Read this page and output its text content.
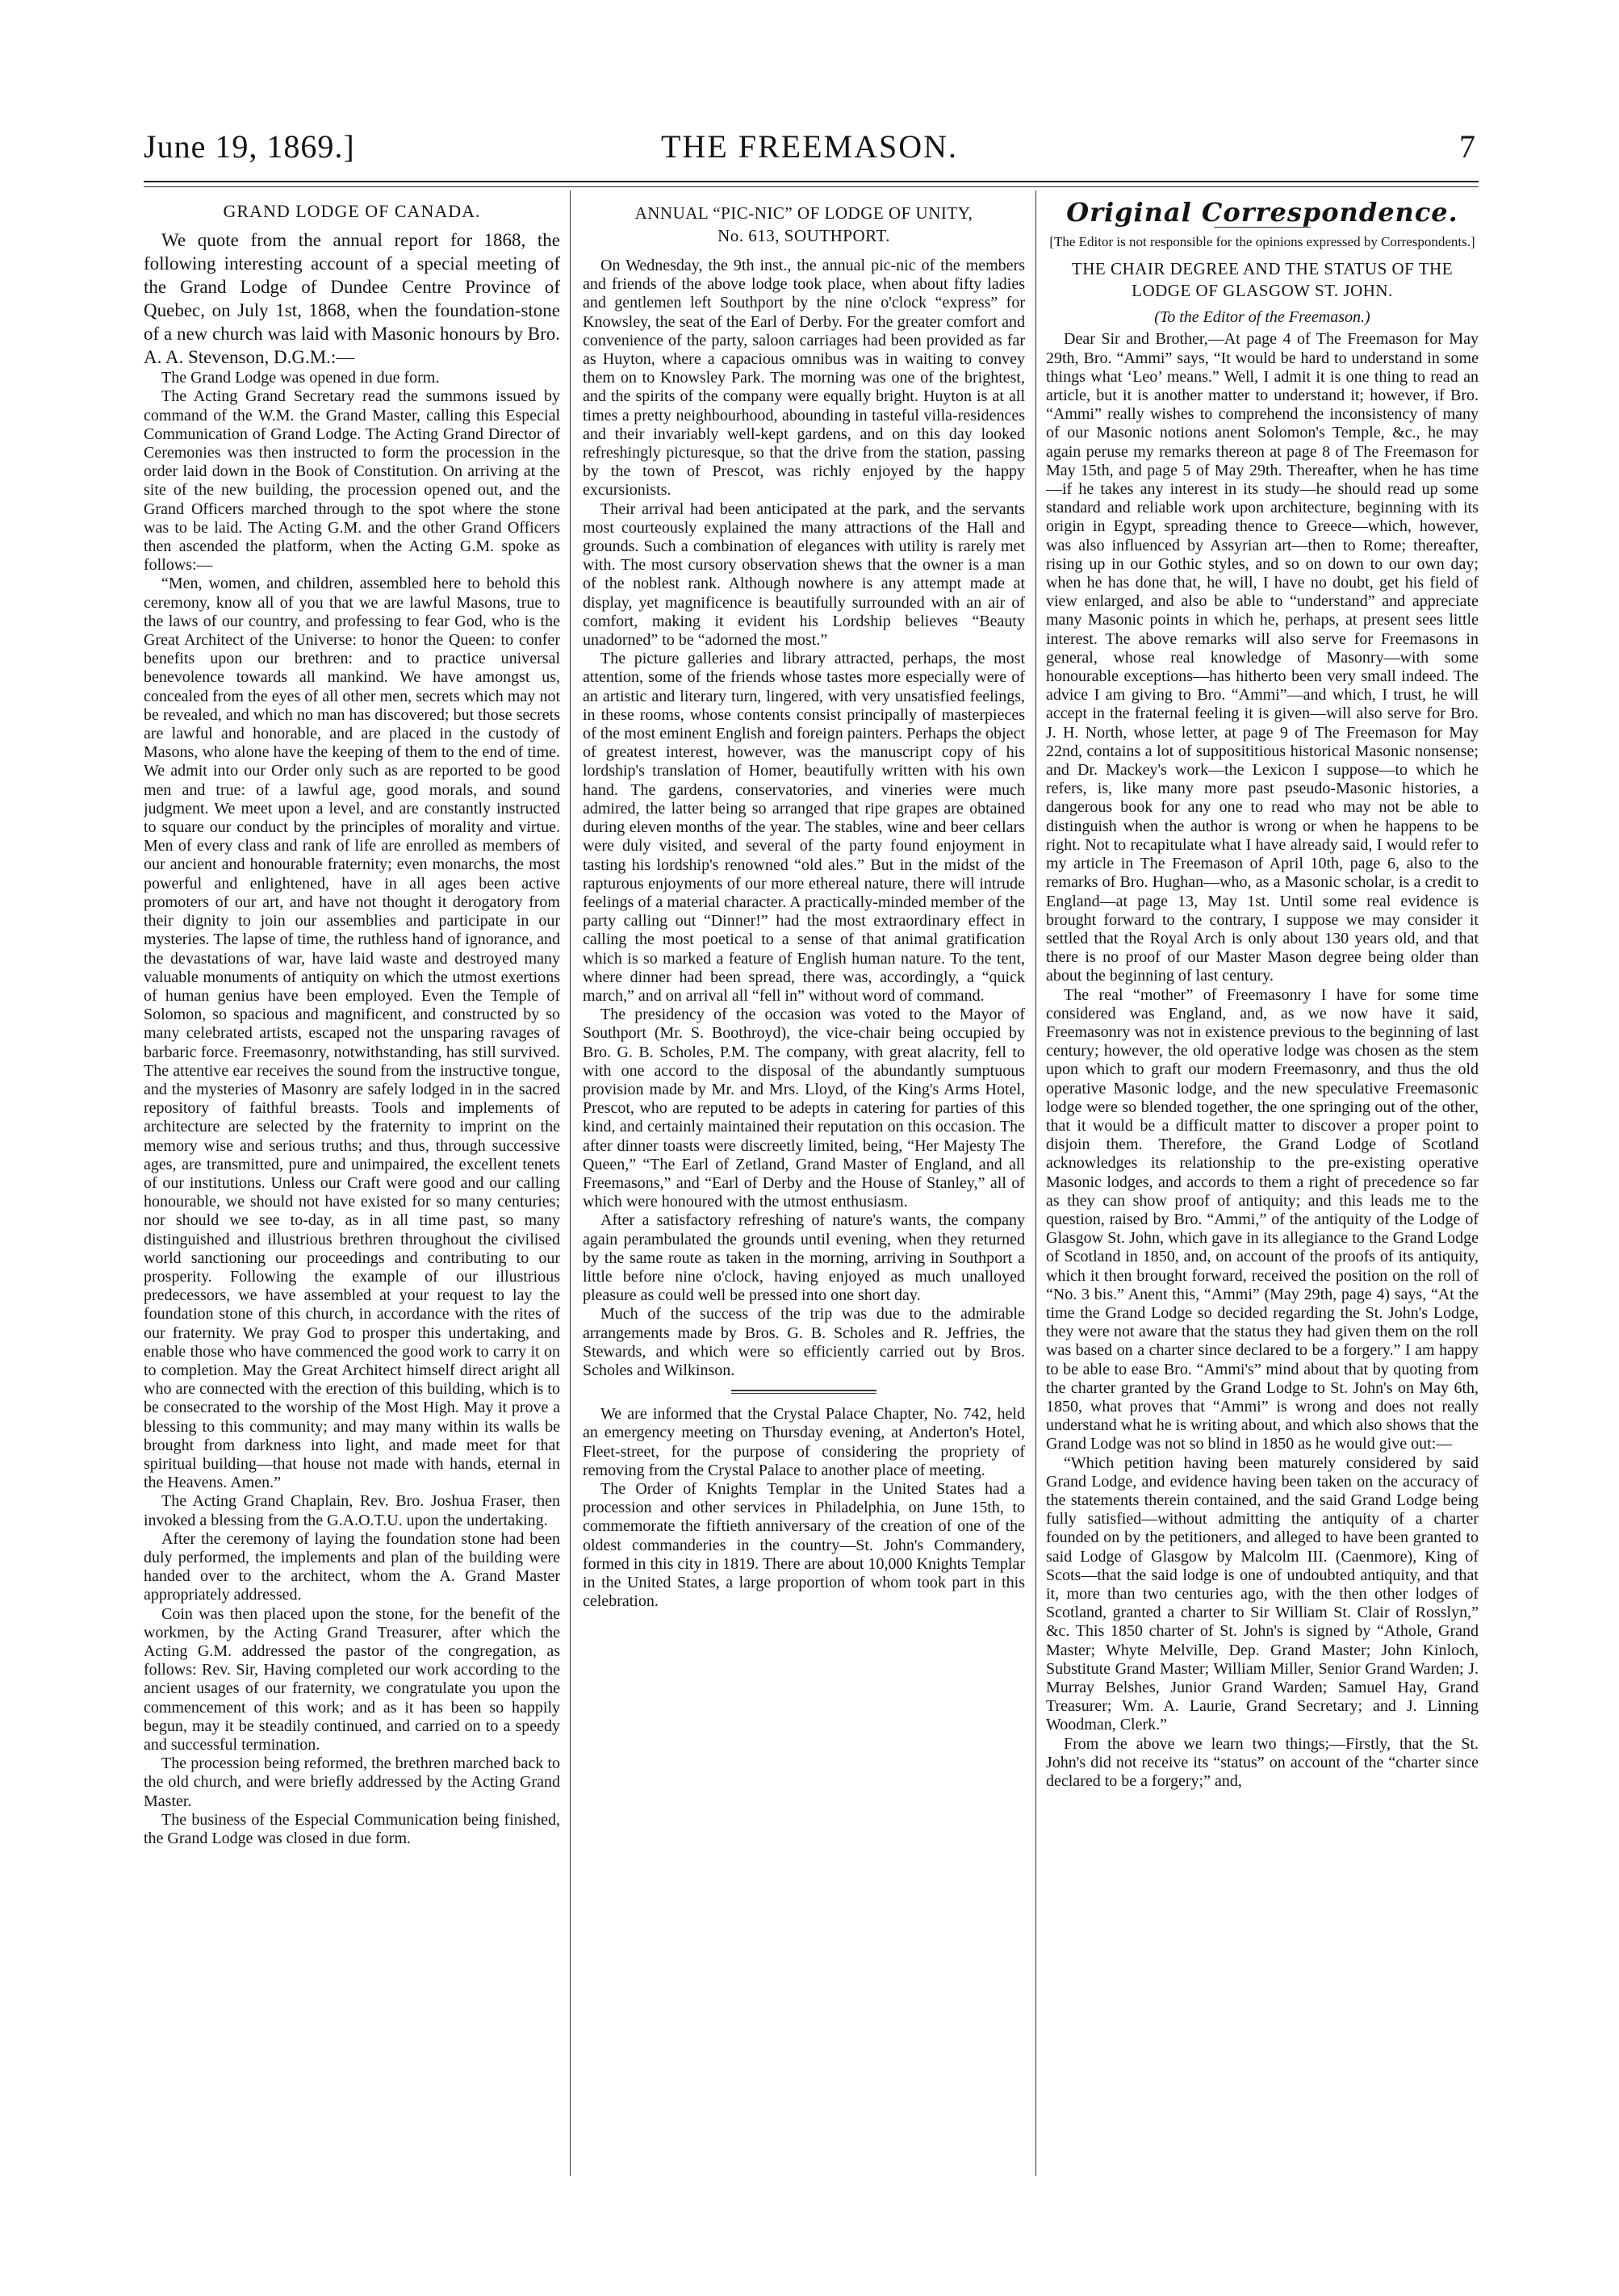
THE FREEMASON.
June 19, 1869.]	7
GRAND LODGE OF CANADA.

We quote from the annual report for 1868, the following interesting account of a special meeting of the Grand Lodge of Dundee Centre Province of Quebec, on July 1st, 1868, when the foundation-stone of a new church was laid with Masonic honours by Bro. A. A. Stevenson, D.G.M.:—

The Grand Lodge was opened in due form.

The Acting Grand Secretary read the summons issued by command of the W.M. the Grand Master, calling this Especial Communication of Grand Lodge. The Acting Grand Director of Ceremonies was then instructed to form the procession in the order laid down in the Book of Constitution. On arriving at the site of the new building, the procession opened out, and the Grand Officers marched through to the spot where the stone was to be laid. The Acting G.M. and the other Grand Officers then ascended the platform, when the Acting G.M. spoke as follows:—

“Men, women, and children, assembled here to behold this ceremony, know all of you that we are lawful Masons, true to the laws of our country, and professing to fear God, who is the Great Architect of the Universe: to honor the Queen: to confer benefits upon our brethren: and to practice universal benevolence towards all mankind. We have amongst us, concealed from the eyes of all other men, secrets which may not be revealed, and which no man has discovered; but those secrets are lawful and honorable, and are placed in the custody of Masons, who alone have the keeping of them to the end of time. We admit into our Order only such as are reported to be good men and true: of a lawful age, good morals, and sound judgment. We meet upon a level, and are constantly instructed to square our conduct by the principles of morality and virtue. Men of every class and rank of life are enrolled as members of our ancient and honourable fraternity; even monarchs, the most powerful and enlightened, have in all ages been active promoters of our art, and have not thought it derogatory from their dignity to join our assemblies and participate in our mysteries. The lapse of time, the ruthless hand of ignorance, and the devastations of war, have laid waste and destroyed many valuable monuments of antiquity on which the utmost exertions of human genius have been employed. Even the Temple of Solomon, so spacious and magnificent, and constructed by so many celebrated artists, escaped not the unsparing ravages of barbaric force. Freemasonry, notwithstanding, has still survived. The attentive ear receives the sound from the instructive tongue, and the mysteries of Masonry are safely lodged in in the sacred repository of faithful breasts. Tools and implements of architecture are selected by the fraternity to imprint on the memory wise and serious truths; and thus, through successive ages, are transmitted, pure and unimpaired, the excellent tenets of our institutions. Unless our Craft were good and our calling honourable, we should not have existed for so many centuries; nor should we see to-day, as in all time past, so many distinguished and illustrious brethren throughout the civilised world sanctioning our proceedings and contributing to our prosperity. Following the example of our illustrious predecessors, we have assembled at your request to lay the foundation stone of this church, in accordance with the rites of our fraternity. We pray God to prosper this undertaking, and enable those who have commenced the good work to carry it on to completion. May the Great Architect himself direct aright all who are connected with the erection of this building, which is to be consecrated to the worship of the Most High. May it prove a blessing to this community; and may many within its walls be brought from darkness into light, and made meet for that spiritual building—that house not made with hands, eternal in the Heavens. Amen.”

The Acting Grand Chaplain, Rev. Bro. Joshua Fraser, then invoked a blessing from the G.A.O.T.U. upon the undertaking.

After the ceremony of laying the foundation stone had been duly performed, the implements and plan of the building were handed over to the architect, whom the A. Grand Master appropriately addressed.

Coin was then placed upon the stone, for the benefit of the workmen, by the Acting Grand Treasurer, after which the Acting G.M. addressed the pastor of the congregation, as follows: Rev. Sir, Having completed our work according to the ancient usages of our fraternity, we congratulate you upon the commencement of this work; and as it has been so happily begun, may it be steadily continued, and carried on to a speedy and successful termination.

The procession being reformed, the brethren marched back to the old church, and were briefly addressed by the Acting Grand Master.

The business of the Especial Communication being finished, the Grand Lodge was closed in due form.

ANNUAL “PIC-NIC” OF LODGE OF UNITY,
No. 613, SOUTHPORT.

On Wednesday, the 9th inst., the annual pic-nic of the members and friends of the above lodge took place, when about fifty ladies and gentlemen left Southport by the nine o'clock “express” for Knowsley, the seat of the Earl of Derby. For the greater comfort and convenience of the party, saloon carriages had been provided as far as Huyton, where a capacious omnibus was in waiting to convey them on to Knowsley Park. The morning was one of the brightest, and the spirits of the company were equally bright. Huyton is at all times a pretty neighbourhood, abounding in tasteful villa-residences and their invariably well-kept gardens, and on this day looked refreshingly picturesque, so that the drive from the station, passing by the town of Prescot, was richly enjoyed by the happy excursionists.

Their arrival had been anticipated at the park, and the servants most courteously explained the many attractions of the Hall and grounds. Such a combination of elegances with utility is rarely met with. The most cursory observation shews that the owner is a man of the noblest rank. Although nowhere is any attempt made at display, yet magnificence is beautifully surrounded with an air of comfort, making it evident his Lordship believes “Beauty unadorned” to be “adorned the most.”

The picture galleries and library attracted, perhaps, the most attention, some of the friends whose tastes more especially were of an artistic and literary turn, lingered, with very unsatisfied feelings, in these rooms, whose contents consist principally of masterpieces of the most eminent English and foreign painters. Perhaps the object of greatest interest, however, was the manuscript copy of his lordship's translation of Homer, beautifully written with his own hand. The gardens, conservatories, and vineries were much admired, the latter being so arranged that ripe grapes are obtained during eleven months of the year. The stables, wine and beer cellars were duly visited, and several of the party found enjoyment in tasting his lordship's renowned “old ales.” But in the midst of the rapturous enjoyments of our more ethereal nature, there will intrude feelings of a material character. A practically-minded member of the party calling out “Dinner!” had the most extraordinary effect in calling the most poetical to a sense of that animal gratification which is so marked a feature of English human nature. To the tent, where dinner had been spread, there was, accordingly, a “quick march,” and on arrival all “fell in” without word of command.

The presidency of the occasion was voted to the Mayor of Southport (Mr. S. Boothroyd), the vice-chair being occupied by Bro. G. B. Scholes, P.M. The company, with great alacrity, fell to with one accord to the disposal of the abundantly sumptuous provision made by Mr. and Mrs. Lloyd, of the King's Arms Hotel, Prescot, who are reputed to be adepts in catering for parties of this kind, and certainly maintained their reputation on this occasion. The after dinner toasts were discreetly limited, being, “Her Majesty The Queen,” “The Earl of Zetland, Grand Master of England, and all Freemasons,” and “Earl of Derby and the House of Stanley,” all of which were honoured with the utmost enthusiasm.

After a satisfactory refreshing of nature's wants, the company again perambulated the grounds until evening, when they returned by the same route as taken in the morning, arriving in Southport a little before nine o'clock, having enjoyed as much unalloyed pleasure as could well be pressed into one short day.

Much of the success of the trip was due to the admirable arrangements made by Bros. G. B. Scholes and R. Jeffries, the Stewards, and which were so efficiently carried out by Bros. Scholes and Wilkinson.

We are informed that the Crystal Palace Chapter, No. 742, held an emergency meeting on Thursday evening, at Anderton's Hotel, Fleet-street, for the purpose of considering the propriety of removing from the Crystal Palace to another place of meeting.

The Order of Knights Templar in the United States had a procession and other services in Philadelphia, on June 15th, to commemorate the fiftieth anniversary of the creation of one of the oldest commanderies in the country—St. John's Commandery, formed in this city in 1819. There are about 10,000 Knights Templar in the United States, a large proportion of whom took part in this celebration.

Original Correspondence.
[The Editor is not responsible for the opinions expressed by Correspondents.]
THE CHAIR DEGREE AND THE STATUS OF THE LODGE OF GLASGOW ST. JOHN.
(To the Editor of the Freemason.)

Dear Sir and Brother,—At page 4 of The Freemason for May 29th, Bro. “Ammi” says, “It would be hard to understand in some things what ‘Leo’ means.” Well, I admit it is one thing to read an article, but it is another matter to understand it; however, if Bro. “Ammi” really wishes to comprehend the inconsistency of many of our Masonic notions anent Solomon's Temple, &c., he may again peruse my remarks thereon at page 8 of The Freemason for May 15th, and page 5 of May 29th. Thereafter, when he has time—if he takes any interest in its study—he should read up some standard and reliable work upon architecture, beginning with its origin in Egypt, spreading thence to Greece—which, however, was also influenced by Assyrian art—then to Rome; thereafter, rising up in our Gothic styles, and so on down to our own day; when he has done that, he will, I have no doubt, get his field of view enlarged, and also be able to “understand” and appreciate many Masonic points in which he, perhaps, at present sees little interest. The above remarks will also serve for Freemasons in general, whose real knowledge of Masonry—with some honourable exceptions—has hitherto been very small indeed. The advice I am giving to Bro. “Ammi”—and which, I trust, he will accept in the fraternal feeling it is given—will also serve for Bro. J. H. North, whose letter, at page 9 of The Freemason for May 22nd, contains a lot of supposititious historical Masonic nonsense; and Dr. Mackey's work—the Lexicon I suppose—to which he refers, is, like many more past pseudo-Masonic histories, a dangerous book for any one to read who may not be able to distinguish when the author is wrong or when he happens to be right. Not to recapitulate what I have already said, I would refer to my article in The Freemason of April 10th, page 6, also to the remarks of Bro. Hughan—who, as a Masonic scholar, is a credit to England—at page 13, May 1st. Until some real evidence is brought forward to the contrary, I suppose we may consider it settled that the Royal Arch is only about 130 years old, and that there is no proof of our Master Mason degree being older than about the beginning of last century.

The real “mother” of Freemasonry I have for some time considered was England, and, as we now have it said, Freemasonry was not in existence previous to the beginning of last century; however, the old operative lodge was chosen as the stem upon which to graft our modern Freemasonry, and thus the old operative Masonic lodge, and the new speculative Freemasonic lodge were so blended together, the one springing out of the other, that it would be a difficult matter to discover a proper point to disjoin them. Therefore, the Grand Lodge of Scotland acknowledges its relationship to the pre-existing operative Masonic lodges, and accords to them a right of precedence so far as they can show proof of antiquity; and this leads me to the question, raised by Bro. “Ammi,” of the antiquity of the Lodge of Glasgow St. John, which gave in its allegiance to the Grand Lodge of Scotland in 1850, and, on account of the proofs of its antiquity, which it then brought forward, received the position on the roll of “No. 3 bis.” Anent this, “Ammi” (May 29th, page 4) says, “At the time the Grand Lodge so decided regarding the St. John's Lodge, they were not aware that the status they had given them on the roll was based on a charter since declared to be a forgery.” I am happy to be able to ease Bro. “Ammi's” mind about that by quoting from the charter granted by the Grand Lodge to St. John's on May 6th, 1850, what proves that “Ammi” is wrong and does not really understand what he is writing about, and which also shows that the Grand Lodge was not so blind in 1850 as he would give out:—

“Which petition having been maturely considered by said Grand Lodge, and evidence having been taken on the accuracy of the statements therein contained, and the said Grand Lodge being fully satisfied—without admitting the antiquity of a charter founded on by the petitioners, and alleged to have been granted to said Lodge of Glasgow by Malcolm III. (Caenmore), King of Scots—that the said lodge is one of undoubted antiquity, and that it, more than two centuries ago, with the then other lodges of Scotland, granted a charter to Sir William St. Clair of Rosslyn,” &c. This 1850 charter of St. John's is signed by “Athole, Grand Master; Whyte Melville, Dep. Grand Master; John Kinloch, Substitute Grand Master; William Miller, Senior Grand Warden; J. Murray Belshes, Junior Grand Warden; Samuel Hay, Grand Treasurer; Wm. A. Laurie, Grand Secretary; and J. Linning Woodman, Clerk.”

From the above we learn two things;—Firstly, that the St. John's did not receive its “status” on account of the “charter since declared to be a forgery;” and,
